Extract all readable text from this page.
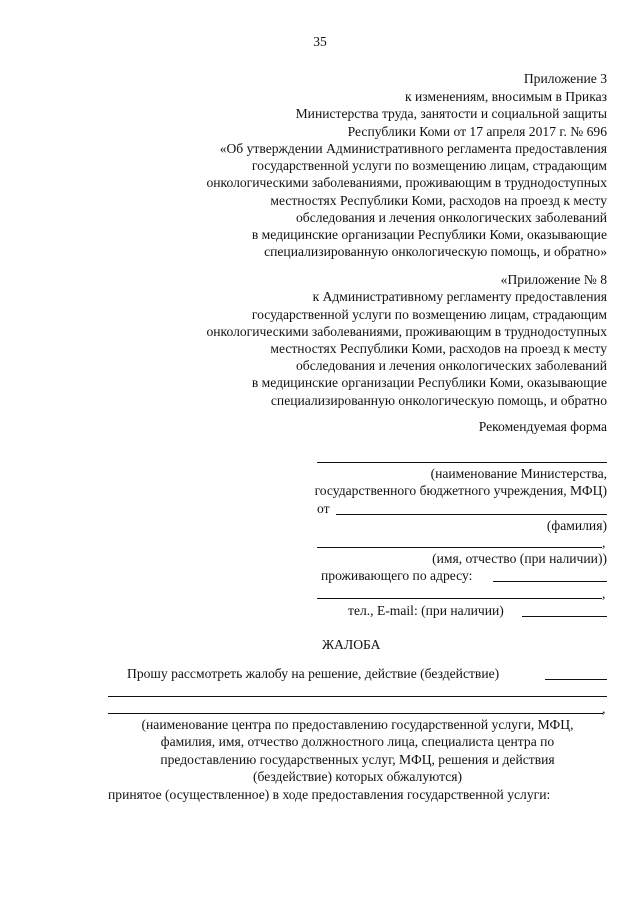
35
Приложение 3
к изменениям, вносимым в Приказ
Министерства труда, занятости и социальной защиты
Республики Коми от 17 апреля 2017 г. № 696
«Об утверждении Административного регламента предоставления
государственной услуги по возмещению лицам, страдающим
онкологическими заболеваниями, проживающим в труднодоступных
местностях Республики Коми, расходов на проезд к месту
обследования и лечения онкологических заболеваний
в медицинские организации Республики Коми, оказывающие
специализированную онкологическую помощь, и обратно»
«Приложение № 8
к Административному регламенту предоставления
государственной услуги по возмещению лицам, страдающим
онкологическими заболеваниями, проживающим в труднодоступных
местностях Республики Коми, расходов на проезд к месту
обследования и лечения онкологических заболеваний
в медицинские организации Республики Коми, оказывающие
специализированную онкологическую помощь, и обратно
Рекомендуемая форма
(наименование Министерства,
государственного бюджетного учреждения, МФЦ)
от
(фамилия)
,
(имя, отчество (при наличии))
проживающего по адресу:
,
тел., E-mail: (при наличии)
ЖАЛОБА
Прошу рассмотреть жалобу на решение, действие (бездействие)
,
(наименование центра по предоставлению государственной услуги, МФЦ,
фамилия, имя, отчество должностного лица, специалиста центра по
предоставлению государственных услуг, МФЦ, решения и действия
(бездействие) которых обжалуются)
принятое (осуществленное) в ходе предоставления государственной услуги:
